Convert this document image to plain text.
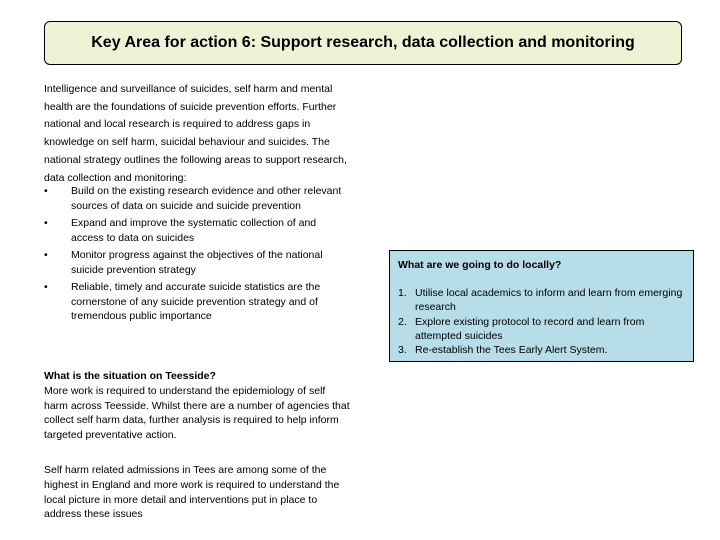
Key Area for action 6: Support research, data collection and monitoring

Intelligence and surveillance of suicides, self harm and mental health are the foundations of suicide prevention efforts. Further national and local research is required to address gaps in knowledge on self harm, suicidal behaviour and suicides. The national strategy outlines the following areas to support research, data collection and monitoring:

•	Build on the existing research evidence and other relevant sources of data on suicide and suicide prevention
•	Expand and improve the systematic collection of and access to data on suicides
•	Monitor progress against the objectives of the national suicide prevention strategy
•	Reliable, timely and accurate suicide statistics are the cornerstone of any suicide prevention strategy and of tremendous public importance

What is the situation on Teesside?

More work is required to understand the epidemiology of self harm across Teesside. Whilst there are a number of agencies that collect self harm data, further analysis is required to help inform targeted preventative action.

Self harm related admissions in Tees are among some of the highest in England and more work is required to understand the local picture in more detail and interventions put in place to address these issues

What are we going to do locally?

1. Utilise local academics to inform and learn from emerging research
2. Explore existing protocol to record and learn from attempted suicides
3. Re-establish the Tees Early Alert System.
